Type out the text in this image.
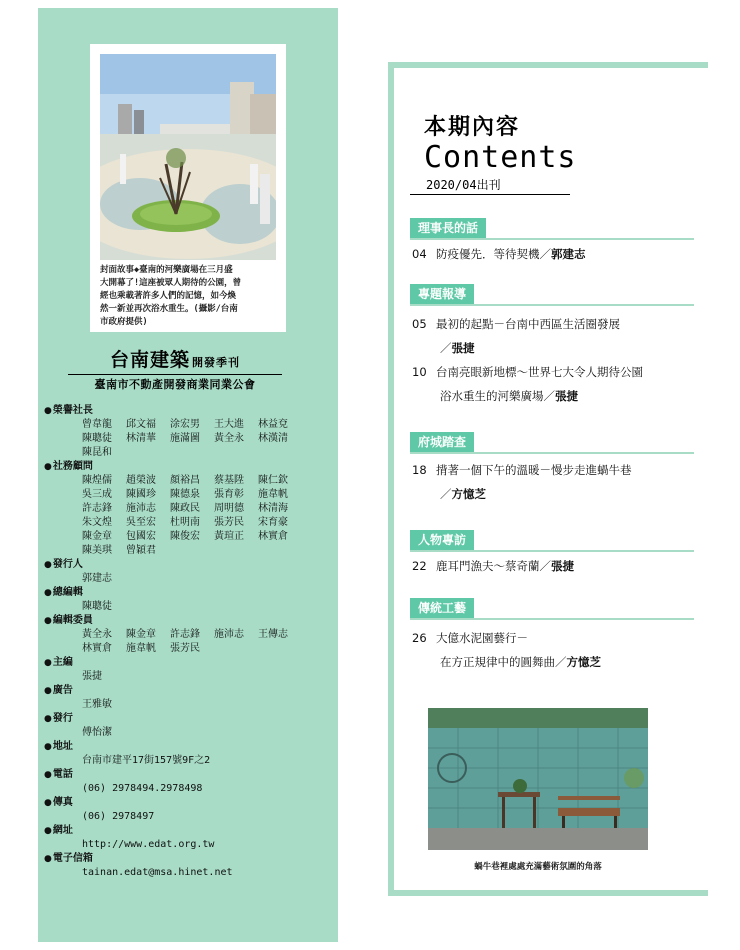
封面故事◆臺南的河樂廣場在三月盛
大開幕了!這座被眾人期待的公園，曾
經也乘載著許多人們的記憶，如今煥
然一新並再次浴水重生。(攝影/台南
市政府提供)
台南建築 開發季刊
臺南市不動產開發商業同業公會
● 榮譽社長
曾韋龍	邱文福	涂宏男	王大進	林益兗
陳聰徒	林清華	施滿圖	黃全永	林漢清
陳昆和
● 社務顧問
陳煌儒	趙榮波	顏裕昌	蔡基陞	陳仁欽
吳三成	陳國珍	陳德泉	張育彰	施韋帆
許志鋒	施沛志	陳政民	周明德	林清海
朱文煌	吳至宏	杜明南	張芳民	宋育豪
陳金章	包國宏	陳俊宏	黃瑄正	林實倉
陳美琪	曾穎君
● 發行人
郭建志
● 總編輯
陳聰徒
● 編輯委員
黃全永	陳金章	許志鋒	施沛志	王傳志
林實倉	施韋帆	張芳民
● 主編
張捷
● 廣告
王雅敏
● 發行
傅怡潔
● 地址
台南市建平17街157號9F之2
● 電話
(06) 2978494.2978498
● 傳真
(06) 2978497
● 網址
http://www.edat.org.tw
● 電子信箱
tainan.edat@msa.hinet.net
本期內容
Contents
2020/04出刊
理事長的話
04 防疫優先．等待契機／郭建志
專題報導
05 最初的起點－台南中西區生活圈發展
／張捷
10 台南亮眼新地標～世界七大令人期待公園
浴水重生的河樂廣場／張捷
府城踏查
18 揹著一個下午的溫暖－慢步走進蝸牛巷
／方憶芝
人物專訪
22 鹿耳門漁夫～蔡奇蘭／張捷
傳統工藝
26 大億水泥園藝行－
在方正規律中的圓舞曲／方憶芝
蝸牛巷裡處處充滿藝術氛圍的角落
